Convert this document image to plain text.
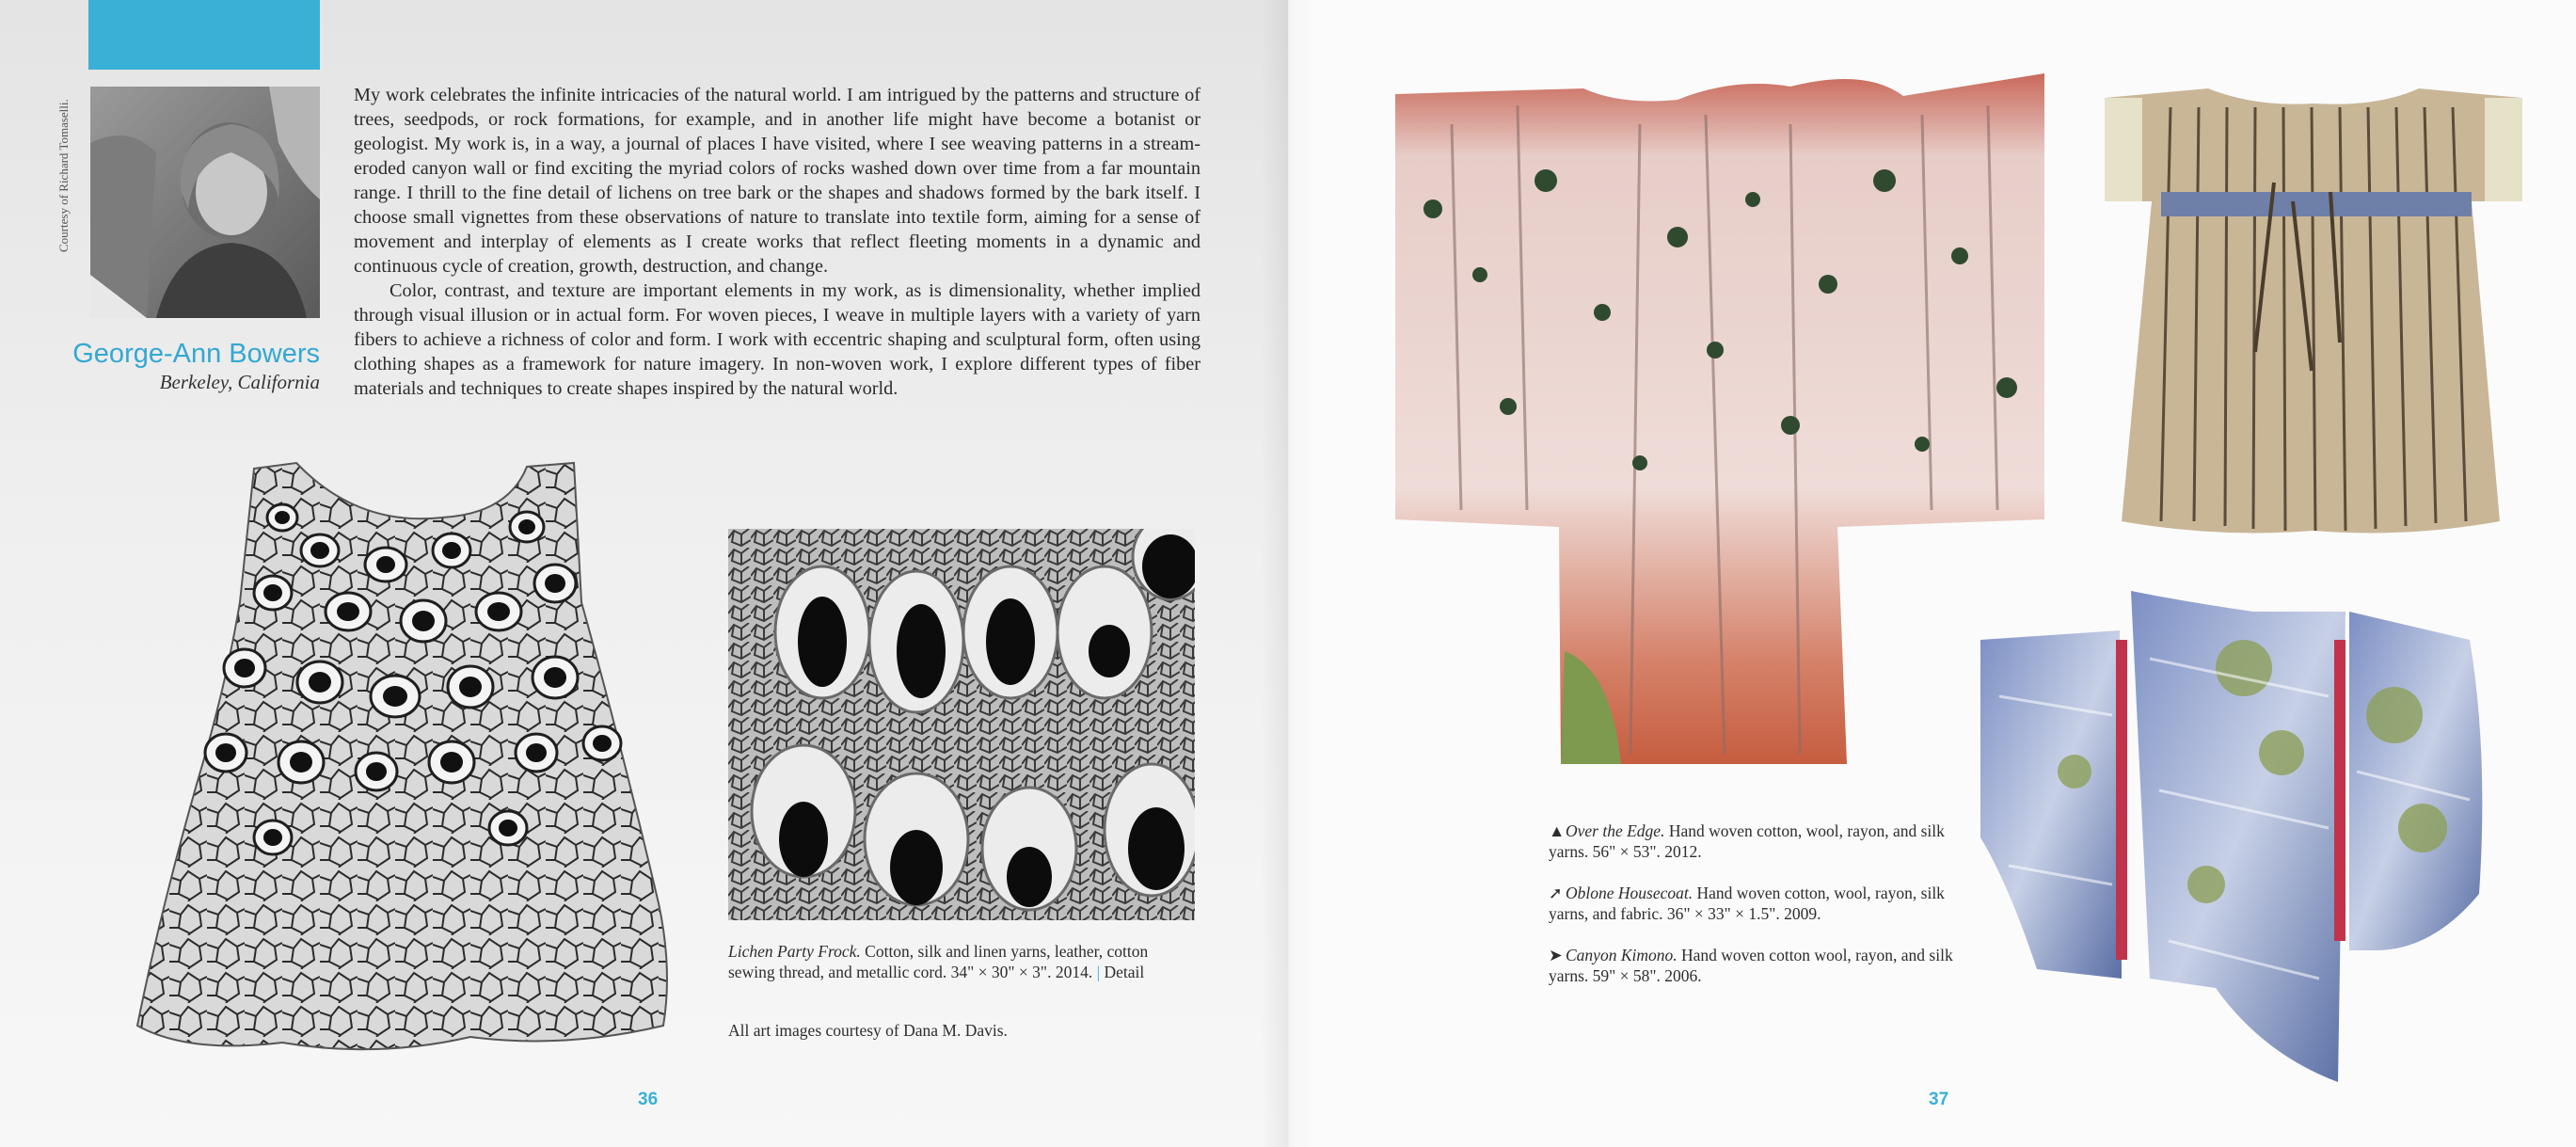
Courtesy of Richard Tomaselli.
George-Ann Bowers
Berkeley, California

My work celebrates the infinite intricacies of the natural world. I am intrigued by the patterns and structure of trees, seedpods, or rock formations, for example, and in another life might have become a botanist or geologist. My work is, in a way, a journal of places I have visited, where I see weaving patterns in a stream-eroded canyon wall or find exciting the myriad colors of rocks washed down over time from a far mountain range. I thrill to the fine detail of lichens on tree bark or the shapes and shadows formed by the bark itself. I choose small vignettes from these observations of nature to translate into textile form, aiming for a sense of movement and interplay of elements as I create works that reflect fleeting moments in a dynamic and continuous cycle of creation, growth, destruction, and change.

Color, contrast, and texture are important elements in my work, as is dimensionality, whether implied through visual illusion or in actual form. For woven pieces, I weave in multiple layers with a variety of yarn fibers to achieve a richness of color and form. I work with eccentric shaping and sculptural form, often using clothing shapes as a framework for nature imagery. In non-woven work, I explore different types of fiber materials and techniques to create shapes inspired by the natural world.

Lichen Party Frock. Cotton, silk and linen yarns, leather, cotton sewing thread, and metallic cord. 34" × 30" × 3". 2014. | Detail
All art images courtesy of Dana M. Davis.
36

▲Over the Edge. Hand woven cotton, wool, rayon, and silk yarns. 56" × 53". 2012.

➚ Oblone Housecoat. Hand woven cotton, wool, rayon, silk yarns, and fabric. 36" × 33" × 1.5". 2009.

➤ Canyon Kimono. Hand woven cotton wool, rayon, and silk yarns. 59" × 58". 2006.

37
